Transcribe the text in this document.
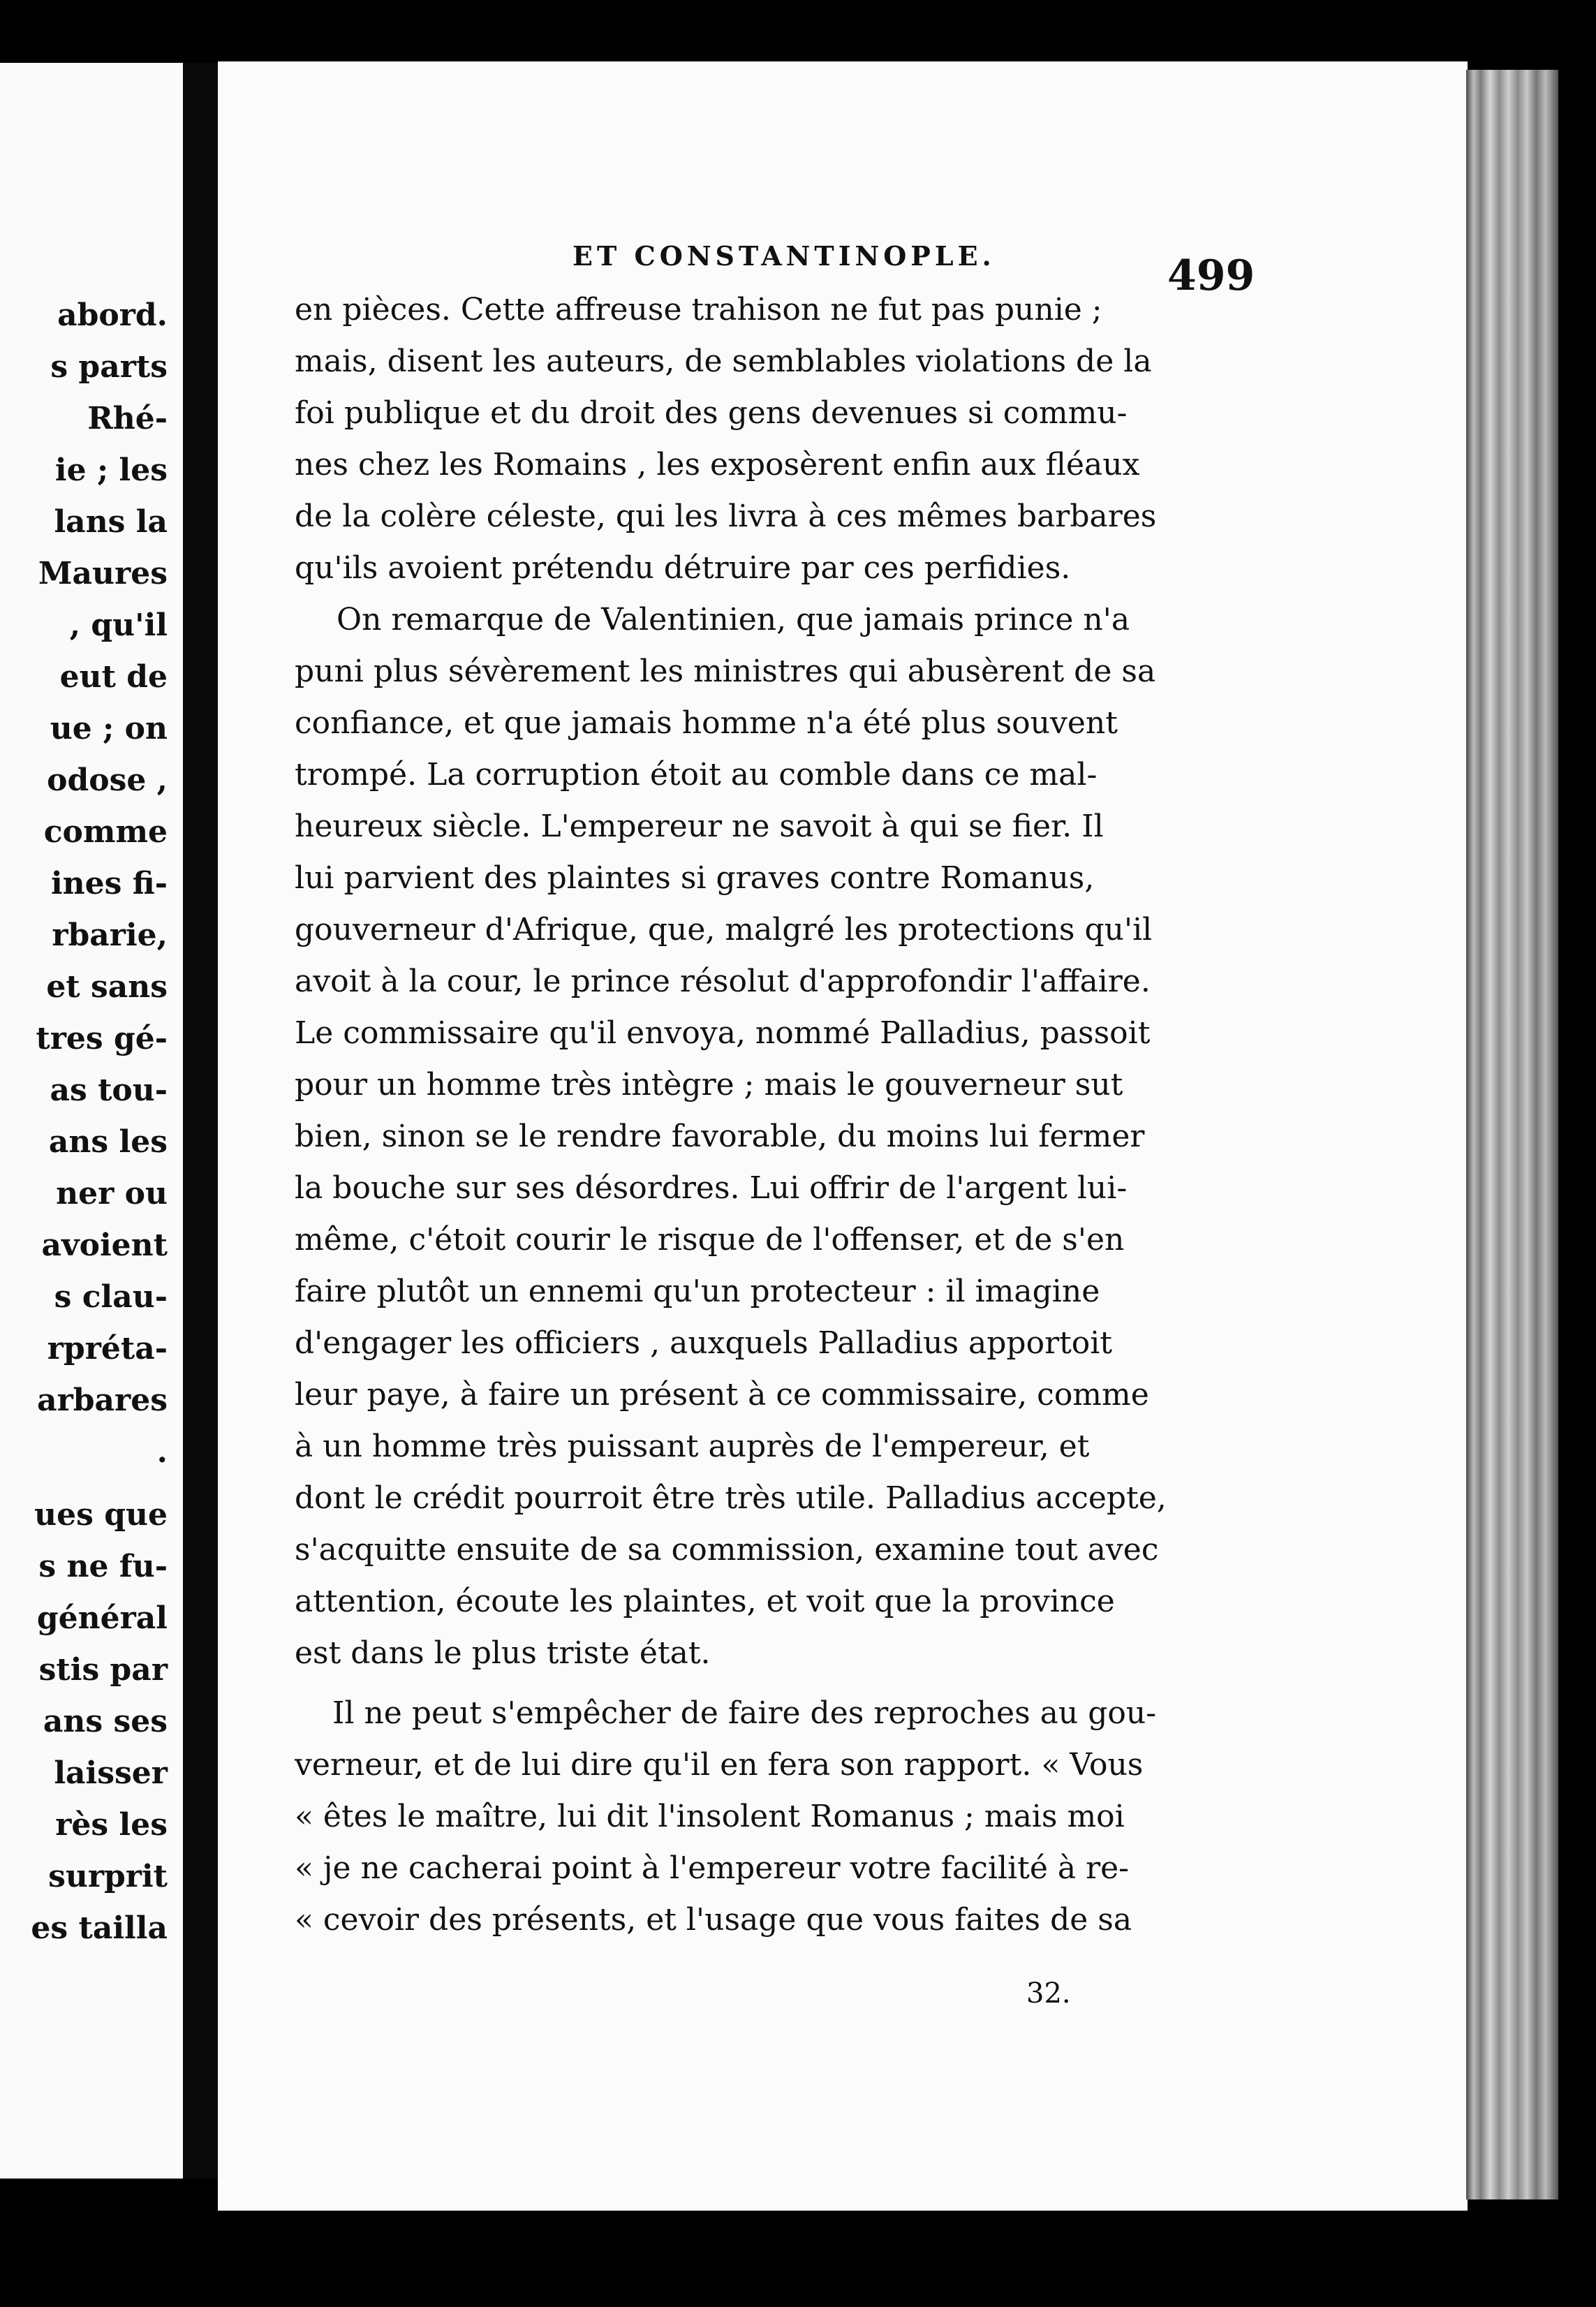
abord.
s parts
Rhé-
ie ; les
lans la
Maures
, qu'il
eut de
ue ; on
odose ,
comme
ines fi-
rbarie,
et sans
tres gé-
as tou-
ans les
ner ou
avoient
s clau-
rpréta-
arbares
.
ues que
s ne fu-
général
stis par
ans ses
laisser
rès les
surprit
es tailla
ET CONSTANTINOPLE.	499
en pièces. Cette affreuse trahison ne fut pas punie ;
mais, disent les auteurs, de semblables violations de la
foi publique et du droit des gens devenues si commu-
nes chez les Romains , les exposèrent enfin aux fléaux
de la colère céleste, qui les livra à ces mêmes barbares
qu'ils avoient prétendu détruire par ces perfidies.
On remarque de Valentinien, que jamais prince n'a
puni plus sévèrement les ministres qui abusèrent de sa
confiance, et que jamais homme n'a été plus souvent
trompé. La corruption étoit au comble dans ce mal-
heureux siècle. L'empereur ne savoit à qui se fier. Il
lui parvient des plaintes si graves contre Romanus,
gouverneur d'Afrique, que, malgré les protections qu'il
avoit à la cour, le prince résolut d'approfondir l'affaire.
Le commissaire qu'il envoya, nommé Palladius, passoit
pour un homme très intègre ; mais le gouverneur sut
bien, sinon se le rendre favorable, du moins lui fermer
la bouche sur ses désordres. Lui offrir de l'argent lui-
même, c'étoit courir le risque de l'offenser, et de s'en
faire plutôt un ennemi qu'un protecteur : il imagine
d'engager les officiers , auxquels Palladius apportoit
leur paye, à faire un présent à ce commissaire, comme
à un homme très puissant auprès de l'empereur, et
dont le crédit pourroit être très utile. Palladius accepte,
s'acquitte ensuite de sa commission, examine tout avec
attention, écoute les plaintes, et voit que la province
est dans le plus triste état.
Il ne peut s'empêcher de faire des reproches au gou-
verneur, et de lui dire qu'il en fera son rapport. « Vous
« êtes le maître, lui dit l'insolent Romanus ; mais moi
« je ne cacherai point à l'empereur votre facilité à re-
« cevoir des présents, et l'usage que vous faites de sa
32.
